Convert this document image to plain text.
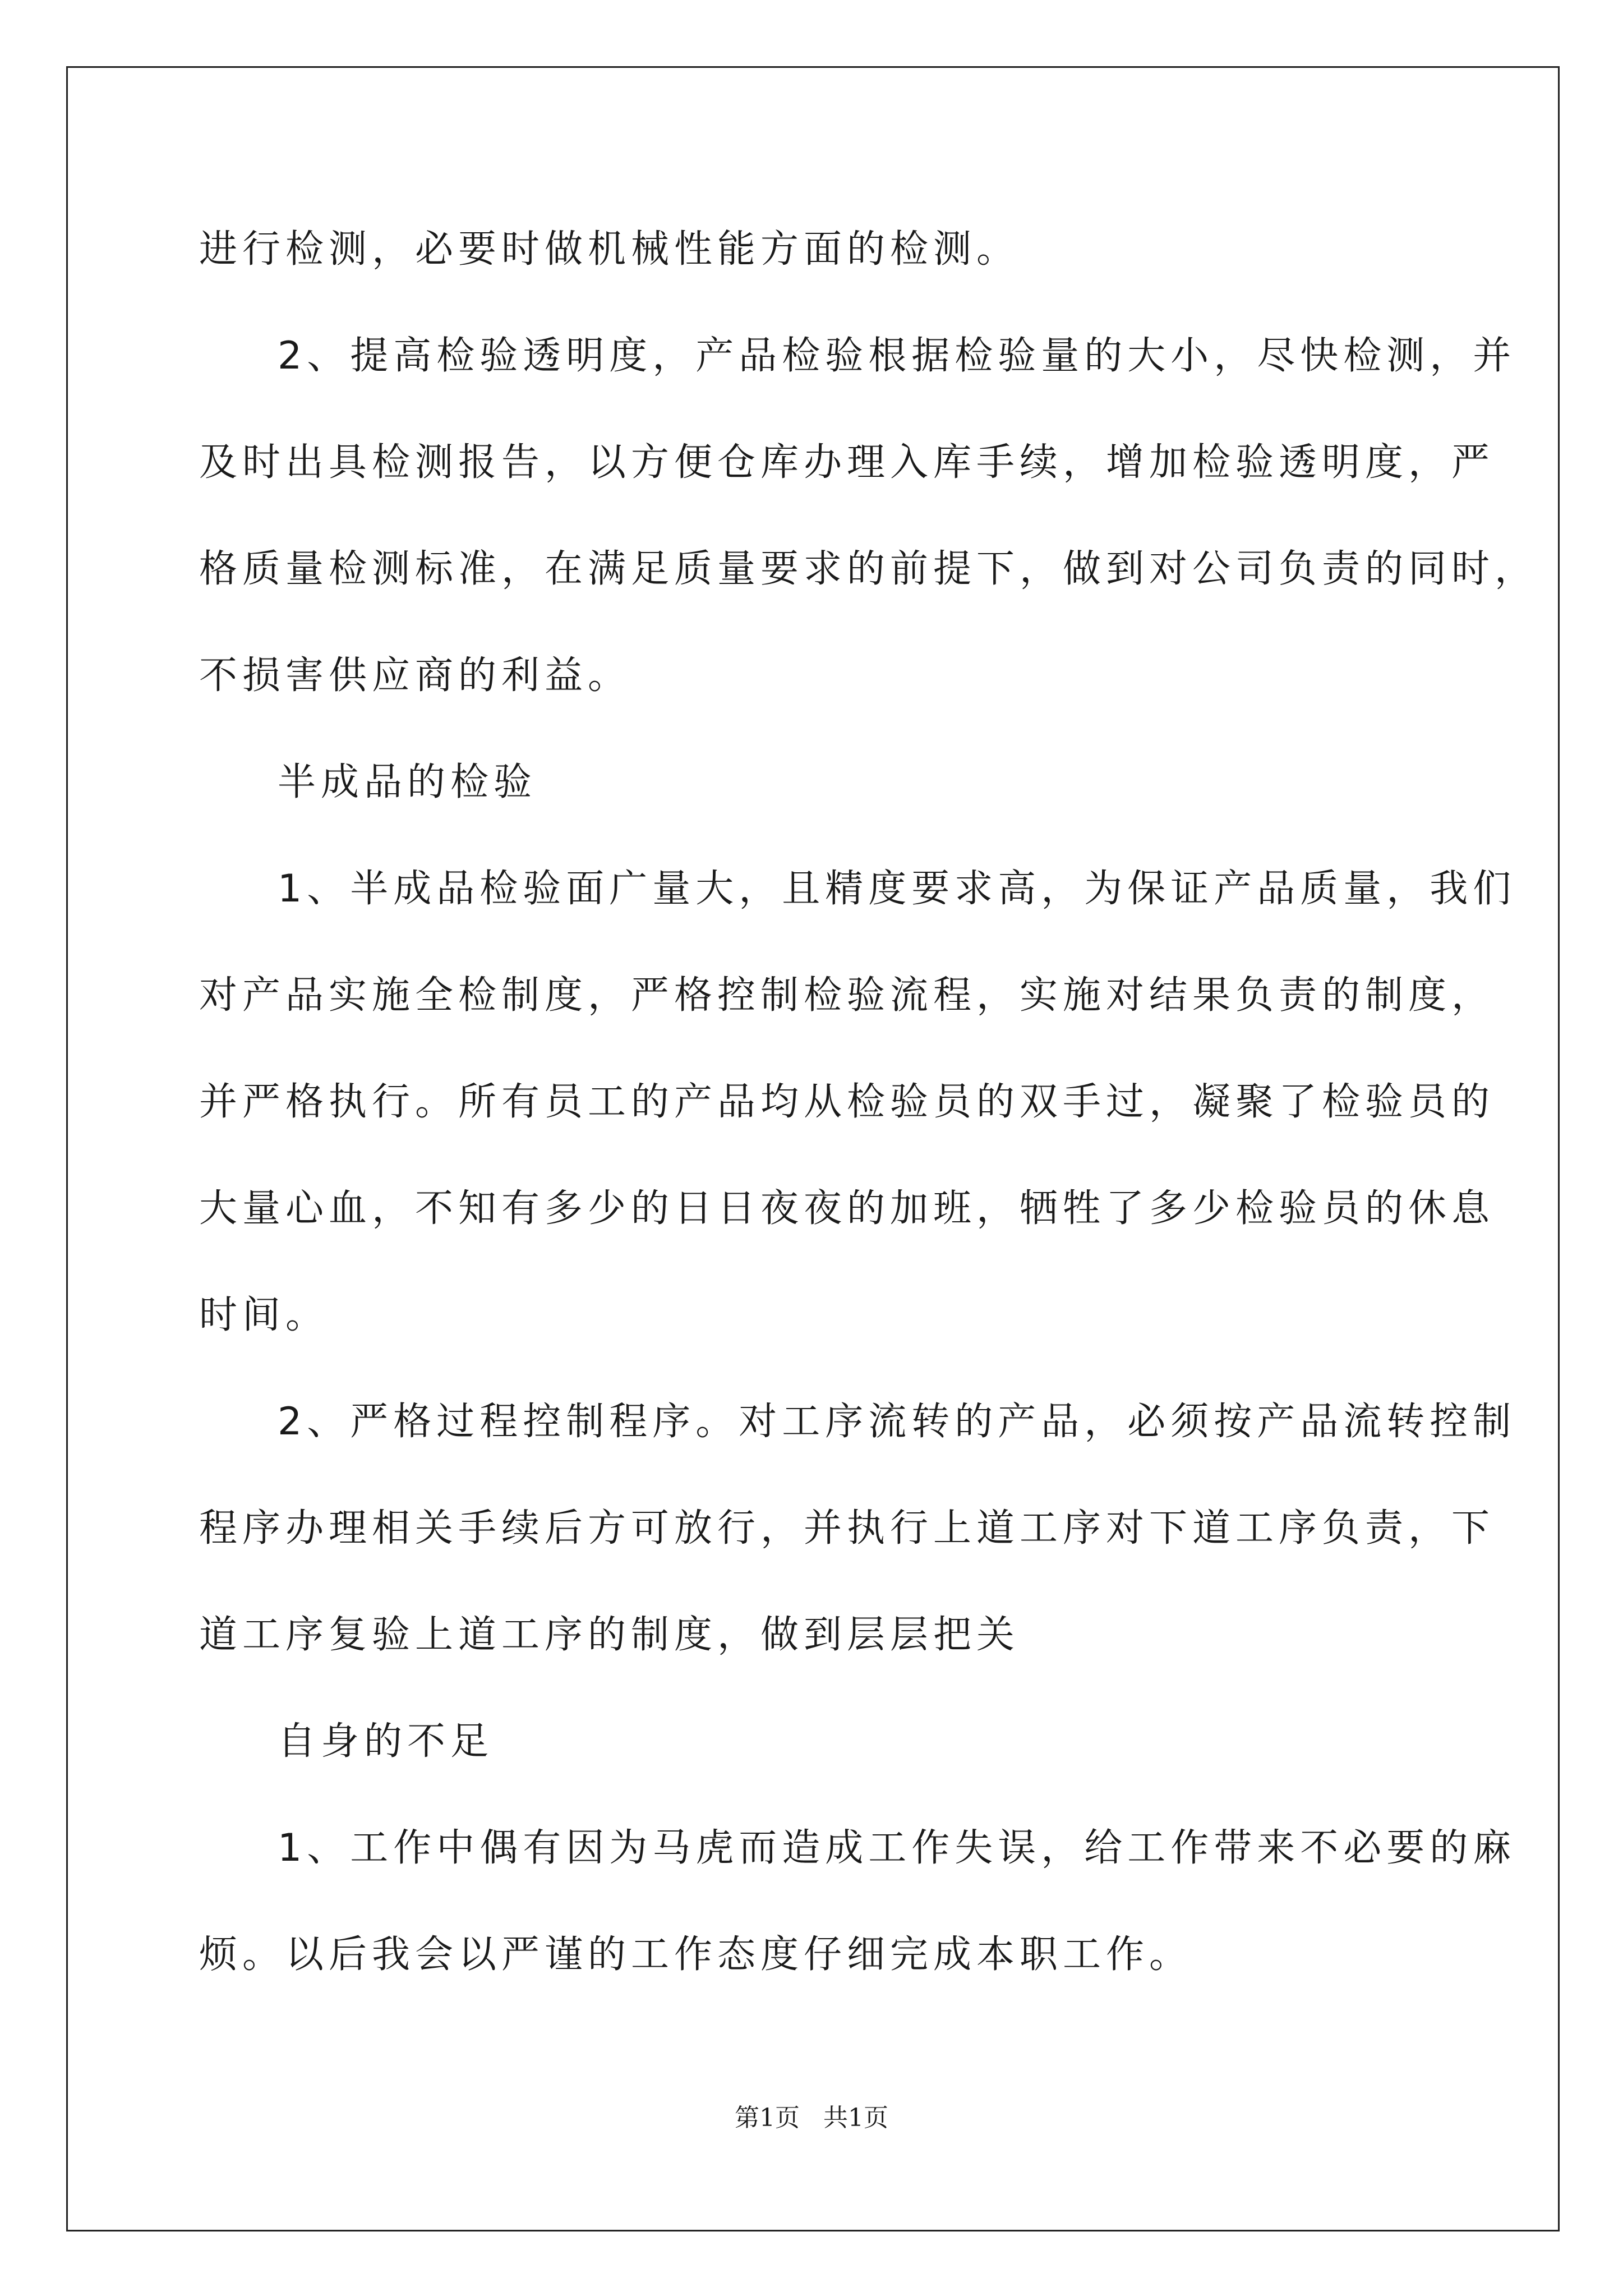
进行检测，必要时做机械性能方面的检测。
2、提高检验透明度，产品检验根据检验量的大小，尽快检测，并
及时出具检测报告，以方便仓库办理入库手续，增加检验透明度，严
格质量检测标准，在满足质量要求的前提下，做到对公司负责的同时，
不损害供应商的利益。
半成品的检验
1、半成品检验面广量大，且精度要求高，为保证产品质量，我们
对产品实施全检制度，严格控制检验流程，实施对结果负责的制度，
并严格执行。所有员工的产品均从检验员的双手过，凝聚了检验员的
大量心血，不知有多少的日日夜夜的加班，牺牲了多少检验员的休息
时间。
2、严格过程控制程序。对工序流转的产品，必须按产品流转控制
程序办理相关手续后方可放行，并执行上道工序对下道工序负责，下
道工序复验上道工序的制度，做到层层把关
自身的不足
1、工作中偶有因为马虎而造成工作失误，给工作带来不必要的麻
烦。以后我会以严谨的工作态度仔细完成本职工作。
第1页   共1页
